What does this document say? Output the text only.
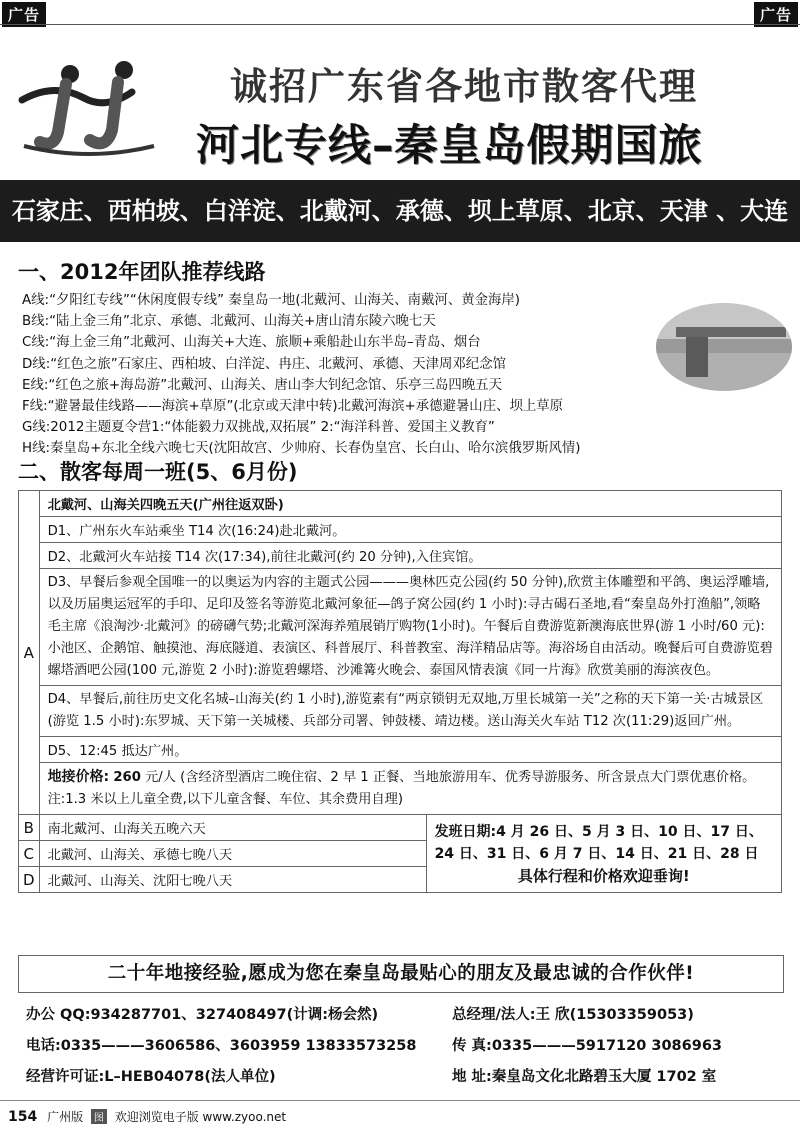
广告	广告
诚招广东省各地市散客代理
河北专线–秦皇岛假期国旅
石家庄、西柏坡、白洋淀、北戴河、承德、坝上草原、北京、天津 、大连
一、2012年团队推荐线路
A线:“夕阳红专线”“休闲度假专线” 秦皇岛一地(北戴河、山海关、南戴河、黄金海岸)
B线:“陆上金三角”北京、承德、北戴河、山海关+唐山清东陵六晚七天
C线:“海上金三角”北戴河、山海关+大连、旅顺+乘船赴山东半岛–青岛、烟台
D线:“红色之旅”石家庄、西柏坡、白洋淀、冉庄、北戴河、承德、天津周邓纪念馆
E线:“红色之旅+海岛游”北戴河、山海关、唐山李大钊纪念馆、乐亭三岛四晚五天
F线:“避暑最佳线路——海滨+草原”(北京或天津中转)北戴河海滨+承德避暑山庄、坝上草原
G线:2012主题夏令营1:“体能毅力双挑战,双拓展” 2:“海洋科普、爱国主义教育”
H线:秦皇岛+东北全线六晚七天(沈阳故宫、少帅府、长春伪皇宫、长白山、哈尔滨俄罗斯风情)
二、散客每周一班(5、6月份)
A	北戴河、山海关四晚五天(广州往返双卧)	
	D1、广州东火车站乘坐 T14 次(16:24)赴北戴河。	
	D2、北戴河火车站接 T14 次(17:34),前往北戴河(约 20 分钟),入住宾馆。	
	D3、早餐后参观全国唯一的以奥运为内容的主题式公园———奥林匹克公园(约 50 分钟),欣赏主体雕塑和平鸽、奥运浮雕墙,以及历届奥运冠军的手印、足印及签名等游览北戴河象征—鸽子窝公园(约 1 小时):寻古碣石圣地,看“秦皇岛外打渔船”,领略毛主席《浪淘沙·北戴河》的磅礴气势;北戴河深海养殖展销厅购物(1小时)。午餐后自费游览新澳海底世界(游 1 小时/60 元):小池区、企鹅馆、触摸池、海底隧道、表演区、科普展厅、科普教室、海洋精品店等。海浴场自由活动。晚餐后可自费游览碧螺塔酒吧公园(100 元,游览 2 小时):游览碧螺塔、沙滩篝火晚会、泰国风情表演《同一片海》欣赏美丽的海滨夜色。	
	D4、早餐后,前往历史文化名城–山海关(约 1 小时),游览素有“两京锁钥无双地,万里长城第一关”之称的天下第一关·古城景区(游览 1.5 小时):东罗城、天下第一关城楼、兵部分司署、钟鼓楼、靖边楼。送山海关火车站 T12 次(11:29)返回广州。	
	D5、12:45 抵达广州。	
	地接价格: 260 元/人 (含经济型酒店二晚住宿、2 早 1 正餐、当地旅游用车、优秀导游服务、所含景点大门票优惠价格。注:1.3 米以上儿童全费,以下儿童含餐、车位、其余费用自理)	
B	南北戴河、山海关五晚六天	发班日期:4 月 26 日、5 月 3 日、10 日、17 日、24 日、31 日、6 月 7 日、14 日、21 日、28 日
具体行程和价格欢迎垂询!

C	北戴河、山海关、承德七晚八天	
D	北戴河、山海关、沈阳七晚八天	
二十年地接经验,愿成为您在秦皇岛最贴心的朋友及最忠诚的合作伙伴!
办公 QQ:934287701、327408497(计调:杨会然)	总经理/法人:王 欣(15303359053)
电话:0335———3606586、3603959 13833573258 传 真:0335———5917120 3086963
经营许可证:L–HEB04078(法人单位)	地 址:秦皇岛文化北路碧玉大厦 1702 室
154 广州版 图 欢迎浏览电子版 www.zyoo.net
